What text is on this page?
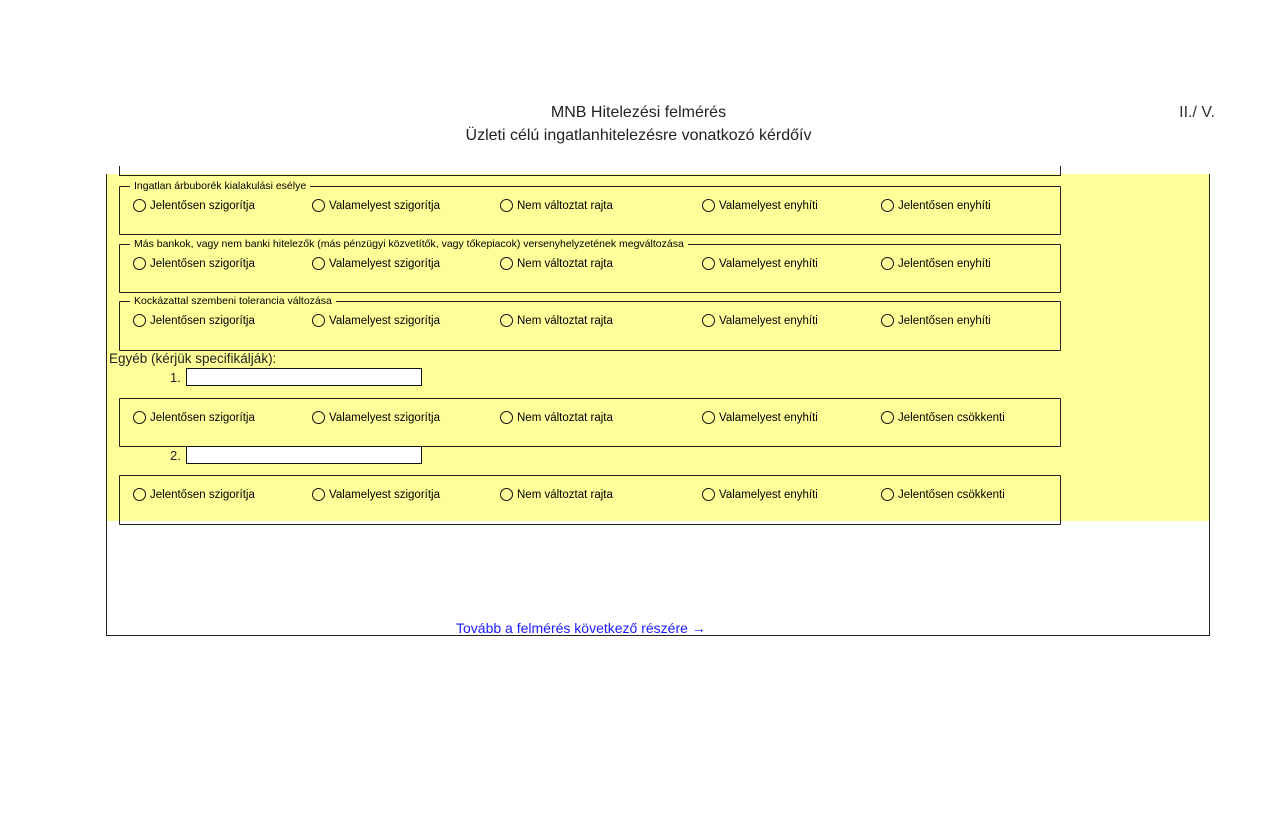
MNB Hitelezési felmérés
Üzleti célú ingatlanhitelezésre vonatkozó kérdőív
II./ V.
Ingatlan árbuborék kialakulási esélye
Jelentősen szigorítja	Valamelyest szigorítja	Nem változtat rajta	Valamelyest enyhíti	Jelentősen enyhíti
Más bankok, vagy nem banki hitelezők (más pénzügyi közvetítők, vagy tőkepiacok) versenyhelyzetének megváltozása
Jelentősen szigorítja	Valamelyest szigorítja	Nem változtat rajta	Valamelyest enyhíti	Jelentősen enyhíti
Kockázattal szembeni tolerancia változása
Jelentősen szigorítja	Valamelyest szigorítja	Nem változtat rajta	Valamelyest enyhíti	Jelentősen enyhíti
Egyéb (kérjük specifikálják):
1.
Jelentősen szigorítja	Valamelyest szigorítja	Nem változtat rajta	Valamelyest enyhíti	Jelentősen csökkenti
2.
Jelentősen szigorítja	Valamelyest szigorítja	Nem változtat rajta	Valamelyest enyhíti	Jelentősen csökkenti
Tovább a felmérés következő részére →
